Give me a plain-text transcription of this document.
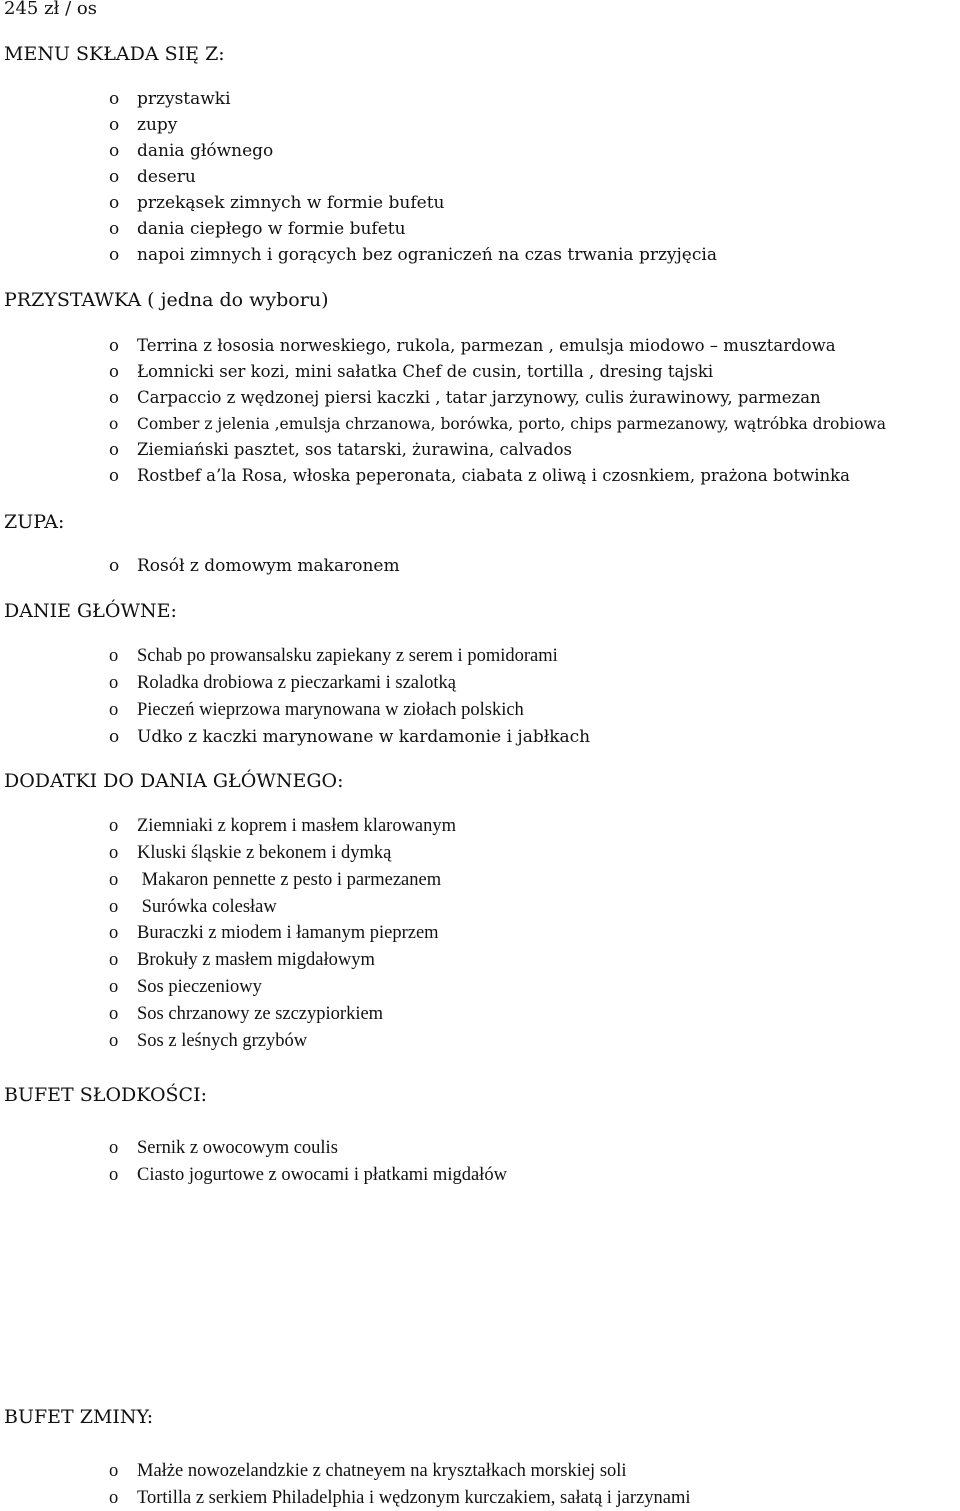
245 zł / os
MENU SKŁADA SIĘ Z:
o przystawki
o zupy
o dania głównego
o deseru
o przekąsek zimnych w formie bufetu
o dania ciepłego w formie bufetu
o napoi zimnych i gorących bez ograniczeń na czas trwania przyjęcia
PRZYSTAWKA ( jedna do wyboru)
o Terrina z łososia norweskiego, rukola, parmezan , emulsja miodowo – musztardowa
o Łomnicki ser kozi, mini sałatka Chef de cusin, tortilla , dresing tajski
o Carpaccio z wędzonej piersi kaczki , tatar jarzynowy, culis żurawinowy, parmezan
o Comber z jelenia ,emulsja chrzanowa, borówka, porto, chips parmezanowy, wątróbka drobiowa
o Ziemiański pasztet, sos tatarski, żurawina, calvados
o Rostbef a’la Rosa, włoska peperonata, ciabata z oliwą i czosnkiem, prażona botwinka
ZUPA:
o Rosół z domowym makaronem
DANIE GŁÓWNE:
o Schab po prowansalsku zapiekany z serem i pomidorami
o Roladka drobiowa z pieczarkami i szalotką
o Pieczeń wieprzowa marynowana w ziołach polskich
o Udko z kaczki marynowane w kardamonie i jabłkach
DODATKI DO DANIA GŁÓWNEGO:
o Ziemniaki z koprem i masłem klarowanym
o Kluski śląskie z bekonem i dymką
o Makaron pennette z pesto i parmezanem
o Surówka colesław
o Buraczki z miodem i łamanym pieprzem
o Brokuły z masłem migdałowym
o Sos pieczeniowy
o Sos chrzanowy ze szczypiorkiem
o Sos z leśnych grzybów
BUFET SŁODKOŚCI:
o Sernik z owocowym coulis
o Ciasto jogurtowe z owocami i płatkami migdałów
BUFET ZMINY:
o Małże nowozelandzkie z chatneyem na kryształkach morskiej soli
o Tortilla z serkiem Philadelphia i wędzonym kurczakiem, sałatą i jarzynami
